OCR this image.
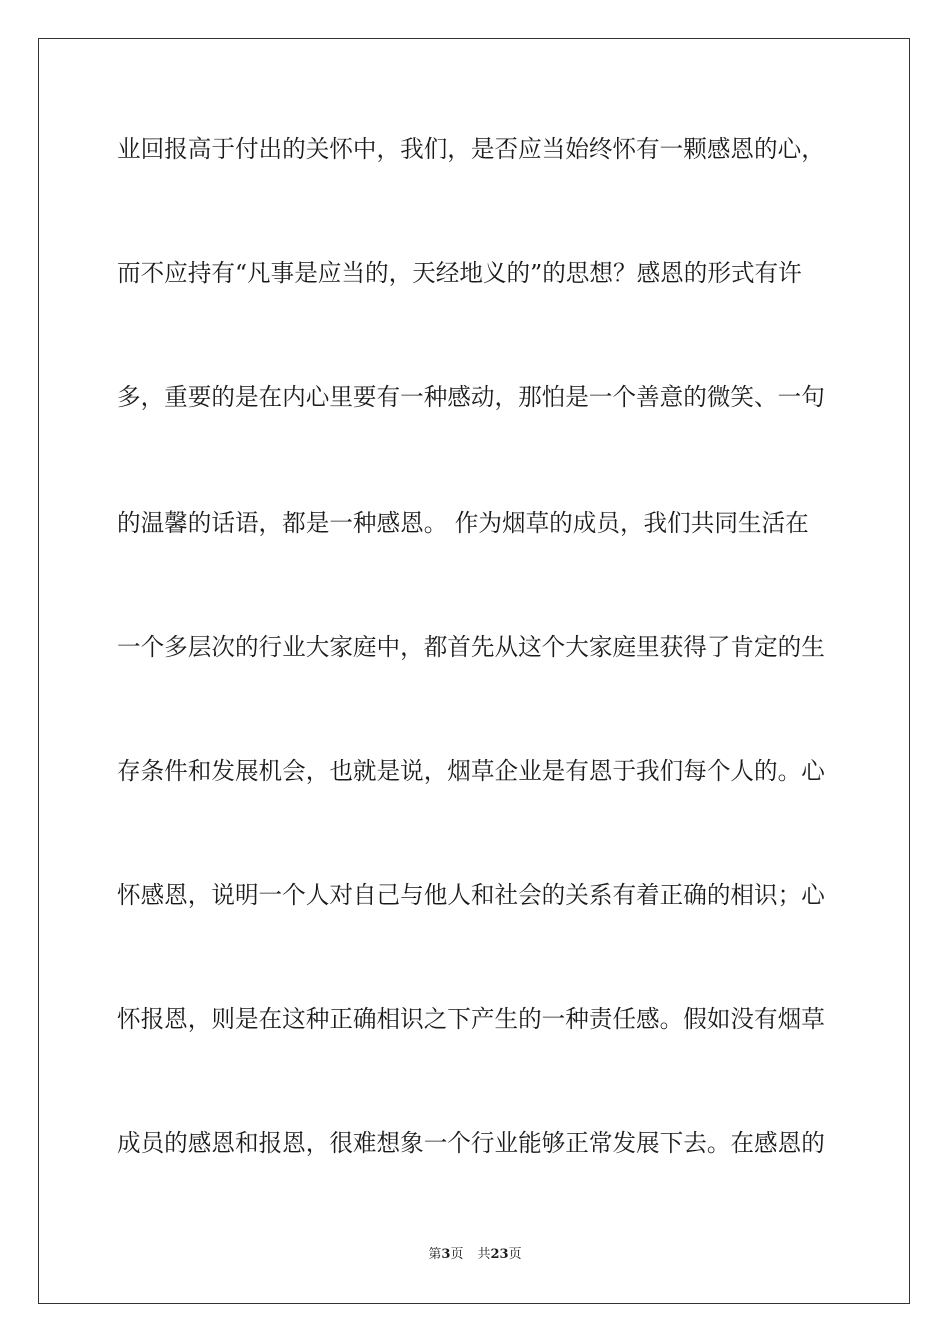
业回报高于付出的关怀中，我们，是否应当始终怀有一颗感恩的心，
而不应持有“凡事是应当的，天经地义的”的思想？感恩的形式有许
多，重要的是在内心里要有一种感动，那怕是一个善意的微笑、一句
的温馨的话语，都是一种感恩。 作为烟草的成员，我们共同生活在
一个多层次的行业大家庭中，都首先从这个大家庭里获得了肯定的生
存条件和发展机会，也就是说，烟草企业是有恩于我们每个人的。心
怀感恩，说明一个人对自己与他人和社会的关系有着正确的相识；心
怀报恩，则是在这种正确相识之下产生的一种责任感。假如没有烟草
成员的感恩和报恩，很难想象一个行业能够正常发展下去。在感恩的
第3页 共23页
